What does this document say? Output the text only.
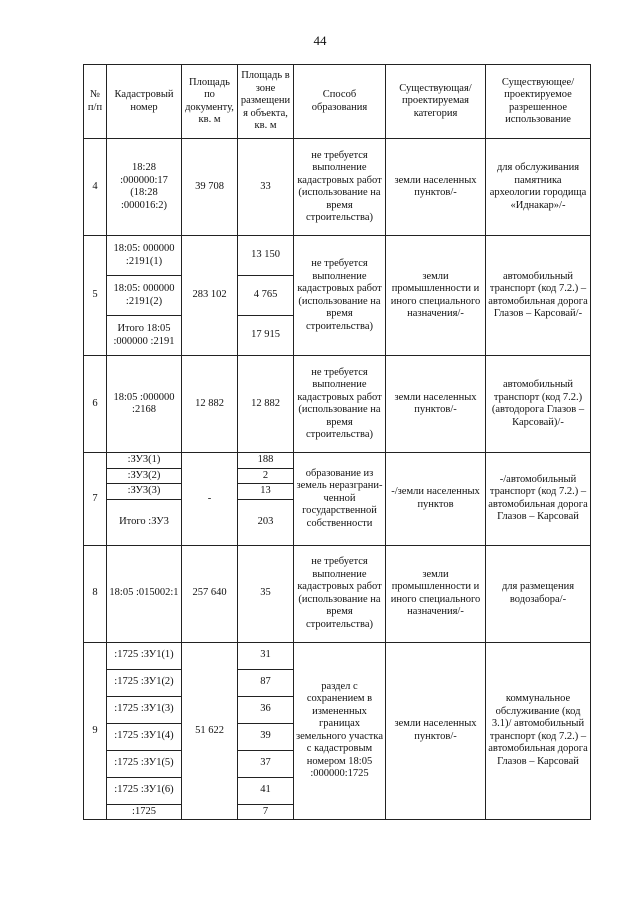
44
№ п/п	Кадастровый номер	Площадь по документу, кв. м	Площадь в зоне размещения объекта, кв. м	Способ образования	Существующая/ проектируемая категория	Существующее/ проектируемое разрешенное использование
4	18:28 :000000:17 (18:28 :000016:2)	39 708	33	не требуется выполнение кадастровых работ (использование на время строительства)	земли населенных пунктов/-	для обслуживания памятника археологии городища «Иднакар»/-
5	18:05: 000000 :2191(1)	283 102	13 150	не требуется выполнение кадастровых работ (использование на время строительства)	земли промышленности и иного специального назначения/-	автомобильный транспорт (код 7.2.) – автомобильная дорога Глазов – Карсовай/-
	18:05: 000000 :2191(2)		4 765			
	Итого 18:05 :000000 :2191		17 915			
6	18:05 :000000 :2168	12 882	12 882	не требуется выполнение кадастровых работ (использование на время строительства)	земли населенных пунктов/-	автомобильный транспорт (код 7.2.) (автодорога Глазов – Карсовай)/-
7	:ЗУ3(1)	-	188	образование из земель неразграни- ченной государственной собственности	-/земли населенных пунктов	-/автомобильный транспорт (код 7.2.) – автомобильная дорога Глазов – Карсовай
	:ЗУ3(2)		2			
	:ЗУ3(3)		13			
	Итого :ЗУ3		203			
8	18:05 :015002:1	257 640	35	не требуется выполнение кадастровых работ (использование на время строительства)	земли промышленности и иного специального назначения/-	для размещения водозабора/-
9	:1725 :ЗУ1(1)	51 622	31	раздел с сохранением в измененных границах земельного участка с кадастровым номером 18:05 :000000:1725	земли населенных пунктов/-	коммунальное обслуживание (код 3.1)/ автомобильный транспорт (код 7.2.) – автомобильная дорога Глазов – Карсовай
	:1725 :ЗУ1(2)		87			
	:1725 :ЗУ1(3)		36			
	:1725 :ЗУ1(4)		39			
	:1725 :ЗУ1(5)		37			
	:1725 :ЗУ1(6)		41			
	:1725		7			
